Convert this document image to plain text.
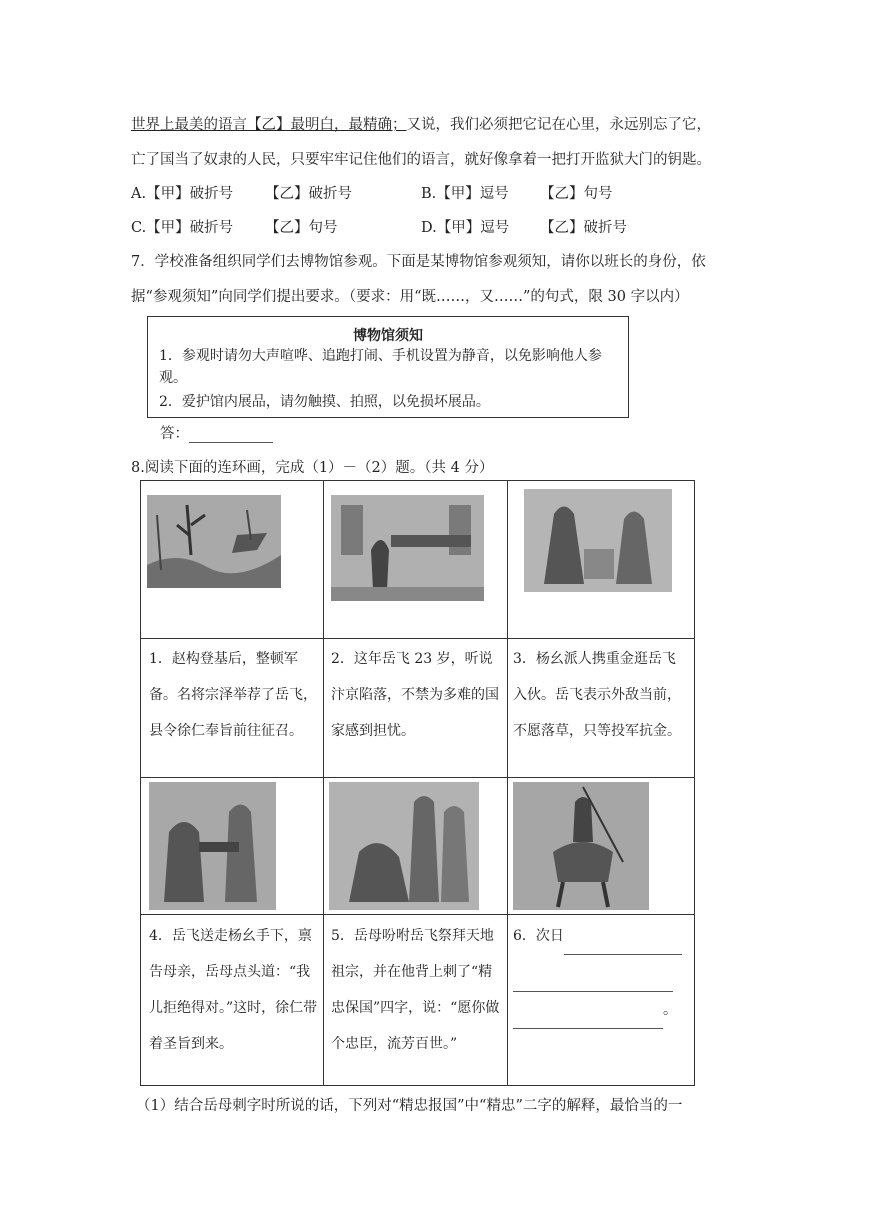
世界上最美的语言【乙】最明白，最精确；又说，我们必须把它记在心里，永远别忘了它，
亡了国当了奴隶的人民，只要牢牢记住他们的语言，就好像拿着一把打开监狱大门的钥匙。
A.【甲】破折号 【乙】破折号	B.【甲】逗号 【乙】句号
C.【甲】破折号 【乙】句号	D.【甲】逗号 【乙】破折号
7．学校准备组织同学们去博物馆参观。下面是某博物馆参观须知，请你以班长的身份，依
据“参观须知”向同学们提出要求。（要求：用“既……，又……”的句式，限 30 字以内）
博物馆须知
1．参观时请勿大声喧哗、追跑打闹、手机设置为静音，以免影响他人参观。
2．爱护馆内展品，请勿触摸、拍照，以免损坏展品。
答：
8.阅读下面的连环画，完成（1）－（2）题。（共 4 分）
1．赵构登基后，整顿军备。名将宗泽举荐了岳飞，县令徐仁奉旨前往征召。
2．这年岳飞 23 岁，听说汴京陷落，不禁为多难的国家感到担忧。
3．杨幺派人携重金逛岳飞入伙。岳飞表示外敌当前，不愿落草，只等投军抗金。
4．岳飞送走杨幺手下，禀告母亲，岳母点头道：“我儿拒绝得对。”这时，徐仁带着圣旨到来。
5．岳母吩咐岳飞祭拜天地祖宗，并在他背上刺了“精忠保国”四字，说：“愿你做个忠臣，流芳百世。”
6．次日

。
（1）结合岳母刺字时所说的话，下列对“精忠报国”中“精忠”二字的解释，最恰当的一
